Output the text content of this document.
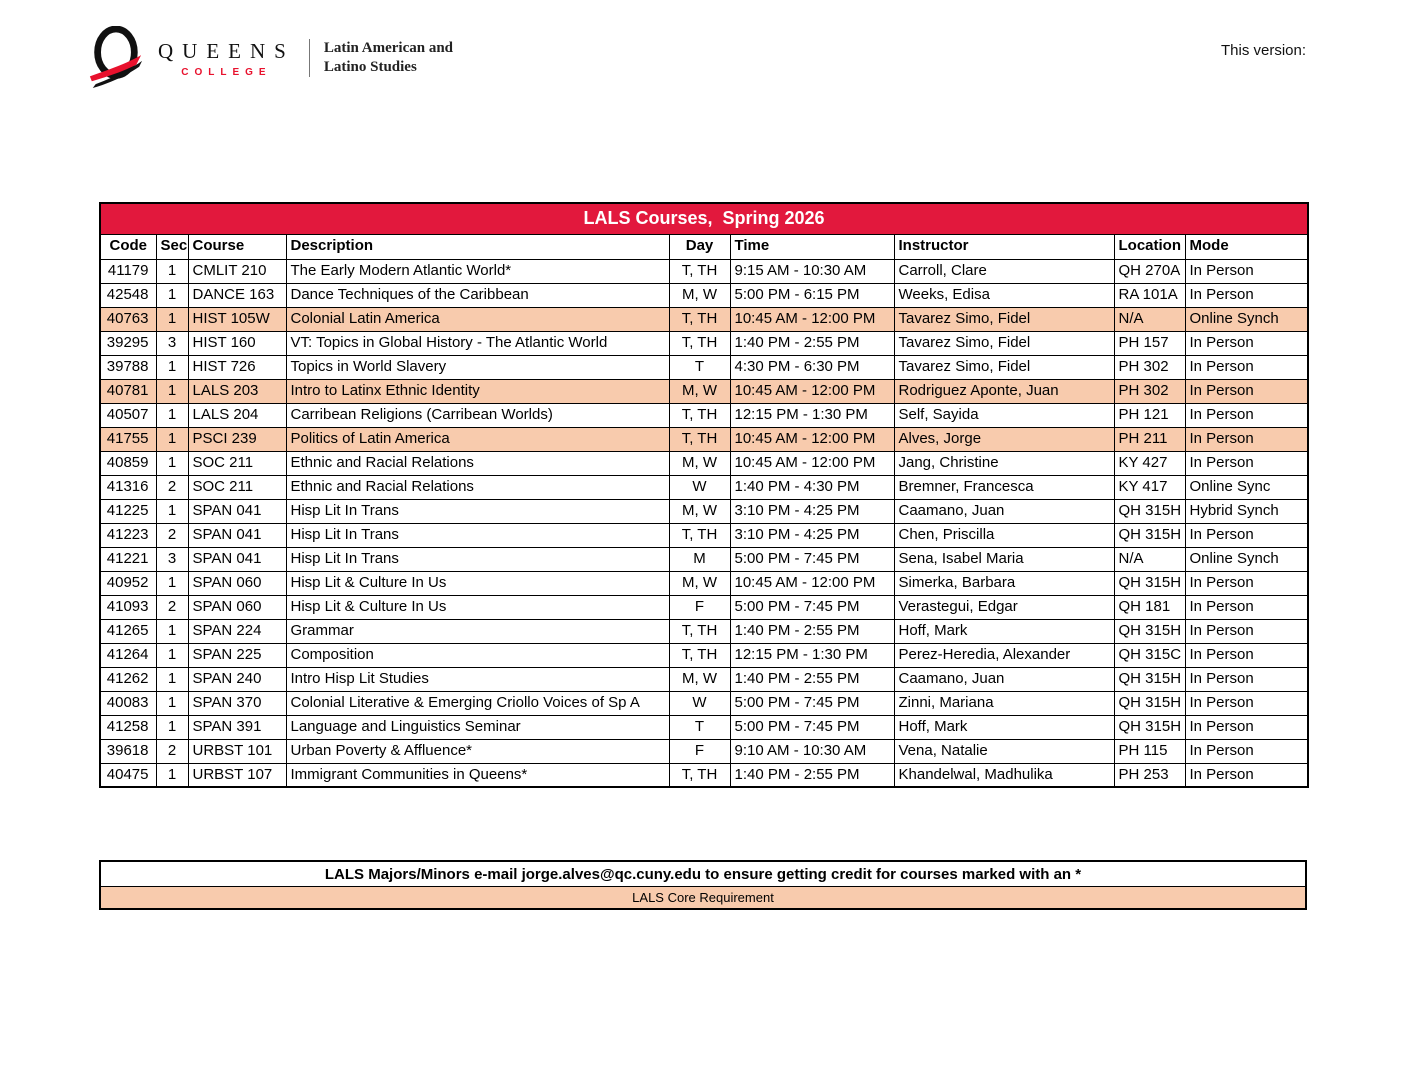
QUEENS
COLLEGE
Latin American and
Latino Studies
This version:
LALS Courses,  Spring 2026								
Code	Sec	Course	Description	Day	Time	Instructor	Location	Mode
41179	1	CMLIT 210	The Early Modern Atlantic World*	T, TH	9:15 AM - 10:30 AM	Carroll, Clare	QH 270A	In Person
42548	1	DANCE 163	Dance Techniques of the Caribbean	M, W	5:00 PM - 6:15 PM	Weeks, Edisa	RA 101A	In Person
40763	1	HIST 105W	Colonial Latin America	T, TH	10:45 AM - 12:00 PM	Tavarez Simo, Fidel	N/A	Online Synch
39295	3	HIST 160	VT: Topics in Global History - The Atlantic World	T, TH	1:40 PM - 2:55 PM	Tavarez Simo, Fidel	PH 157	In Person
39788	1	HIST 726	Topics in World Slavery	T	4:30 PM - 6:30 PM	Tavarez Simo, Fidel	PH 302	In Person
40781	1	LALS 203	Intro to Latinx Ethnic Identity	M, W	10:45 AM - 12:00 PM	Rodriguez Aponte, Juan	PH 302	In Person
40507	1	LALS 204	Carribean Religions (Carribean Worlds)	T, TH	12:15 PM - 1:30 PM	Self, Sayida	PH 121	In Person
41755	1	PSCI 239	Politics of Latin America	T, TH	10:45 AM - 12:00 PM	Alves, Jorge	PH 211	In Person
40859	1	SOC 211	Ethnic and Racial Relations	M, W	10:45 AM - 12:00 PM	Jang, Christine	KY 427	In Person
41316	2	SOC 211	Ethnic and Racial Relations	W	1:40 PM - 4:30 PM	Bremner, Francesca	KY 417	Online Sync
41225	1	SPAN 041	Hisp Lit In Trans	M, W	3:10 PM - 4:25 PM	Caamano, Juan	QH 315H	Hybrid Synch
41223	2	SPAN 041	Hisp Lit In Trans	T, TH	3:10 PM - 4:25 PM	Chen, Priscilla	QH 315H	In Person
41221	3	SPAN 041	Hisp Lit In Trans	M	5:00 PM - 7:45 PM	Sena, Isabel Maria	N/A	Online Synch
40952	1	SPAN 060	Hisp Lit & Culture In Us	M, W	10:45 AM - 12:00 PM	Simerka, Barbara	QH 315H	In Person
41093	2	SPAN 060	Hisp Lit & Culture In Us	F	5:00 PM - 7:45 PM	Verastegui, Edgar	QH 181	In Person
41265	1	SPAN 224	Grammar	T, TH	1:40 PM - 2:55 PM	Hoff, Mark	QH 315H	In Person
41264	1	SPAN 225	Composition	T, TH	12:15 PM - 1:30 PM	Perez-Heredia, Alexander	QH 315C	In Person
41262	1	SPAN 240	Intro Hisp Lit Studies	M, W	1:40 PM - 2:55 PM	Caamano, Juan	QH 315H	In Person
40083	1	SPAN 370	Colonial Literative & Emerging Criollo Voices of Sp A	W	5:00 PM - 7:45 PM	Zinni, Mariana	QH 315H	In Person
41258	1	SPAN 391	Language and Linguistics Seminar	T	5:00 PM - 7:45 PM	Hoff, Mark	QH 315H	In Person
39618	2	URBST 101	Urban Poverty & Affluence*	F	9:10 AM - 10:30 AM	Vena, Natalie	PH 115	In Person
40475	1	URBST 107	Immigrant Communities in Queens*	T, TH	1:40 PM - 2:55 PM	Khandelwal, Madhulika	PH 253	In Person
LALS Majors/Minors e-mail jorge.alves@qc.cuny.edu to ensure getting credit for courses marked with an *
LALS Core Requirement
